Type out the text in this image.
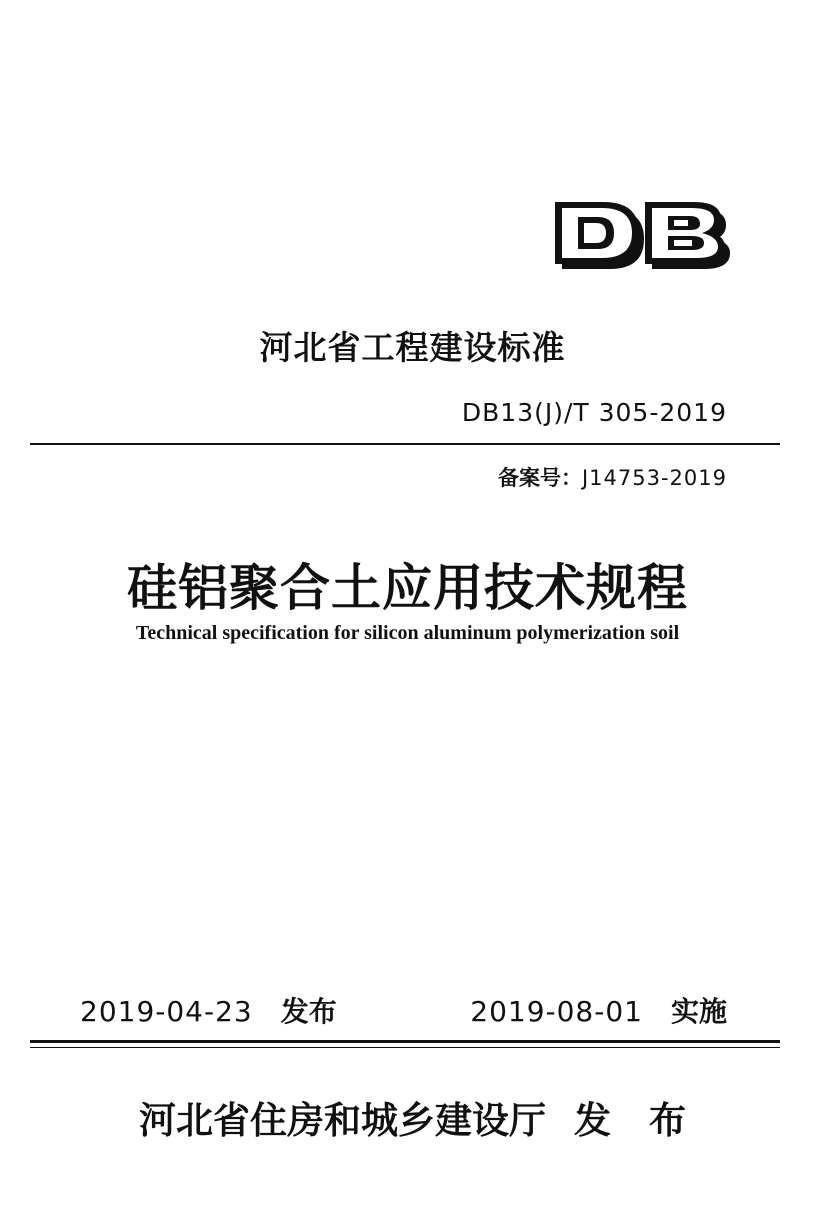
河北省工程建设标准
DB13(J)/T 305-2019
备案号：J14753-2019
硅铝聚合土应用技术规程
Technical specification for silicon aluminum polymerization soil
2019-04-23 发布	2019-08-01 实施
河北省住房和城乡建设厅 发 布
